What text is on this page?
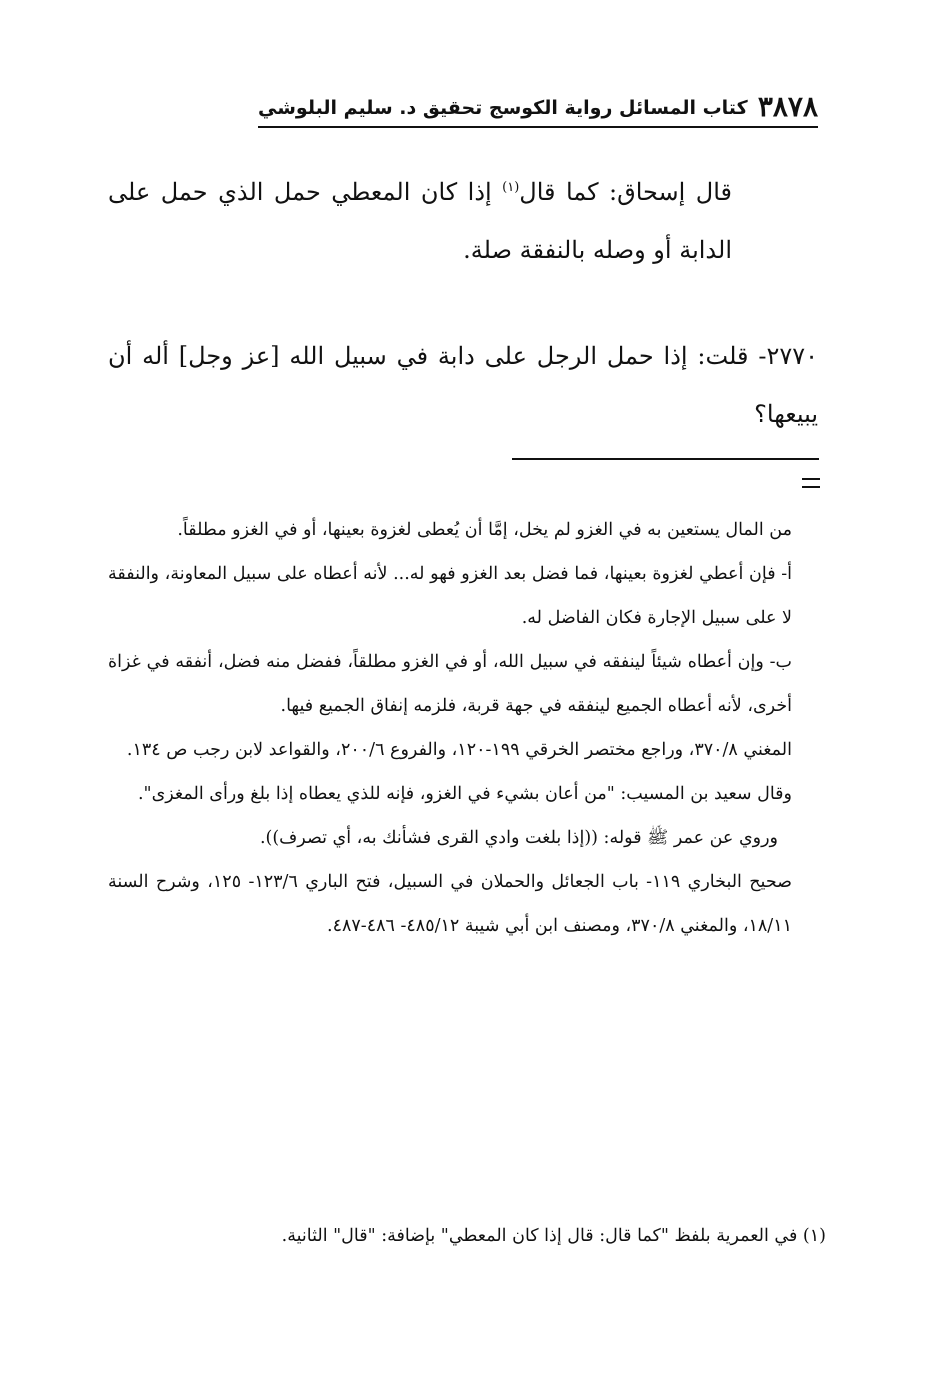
٣٨٧٨
كتاب المسائل رواية الكوسج تحقيق د. سليم البلوشي

قال إسحاق: كما قال$^{(١)}$ إذا كان المعطي حمل الذي حمل على الدابة أو وصله بالنفقة صلة.

٢٧٧٠- قلت: إذا حمل الرجل على دابة في سبيل الله [عز وجل] أله أن يبيعها؟

من المال يستعين به في الغزو لم يخل، إمَّا أن يُعطى لغزوة بعينها، أو في الغزو مطلقاً.

أ- فإن أعطي لغزوة بعينها، فما فضل بعد الغزو فهو له... لأنه أعطاه على سبيل المعاونة، والنفقة لا على سبيل الإجارة فكان الفاضل له.

ب- وإن أعطاه شيئاً لينفقه في سبيل الله، أو في الغزو مطلقاً، ففضل منه فضل، أنفقه في غزاة أخرى، لأنه أعطاه الجميع لينفقه في جهة قربة، فلزمه إنفاق الجميع فيها.

المغني ٣٧٠/٨، وراجع مختصر الخرقي ١٩٩-١٢٠، والفروع ٢٠٠/٦، والقواعد لابن رجب ص ١٣٤.

وقال سعيد بن المسيب: "من أعان بشيء في الغزو، فإنه للذي يعطاه إذا بلغ ورأى المغزى".

وروي عن عمر ﷺ قوله: ((إذا بلغت وادي القرى فشأنك به، أي تصرف)).

صحيح البخاري ١١٩- باب الجعائل والحملان في السبيل، فتح الباري ١٢٣/٦- ١٢٥، وشرح السنة ١٨/١١، والمغني ٣٧٠/٨، ومصنف ابن أبي شيبة ٤٨٥/١٢- ٤٨٦-٤٨٧.

(١) في العمرية بلفظ "كما قال: قال إذا كان المعطي" بإضافة: "قال" الثانية.
